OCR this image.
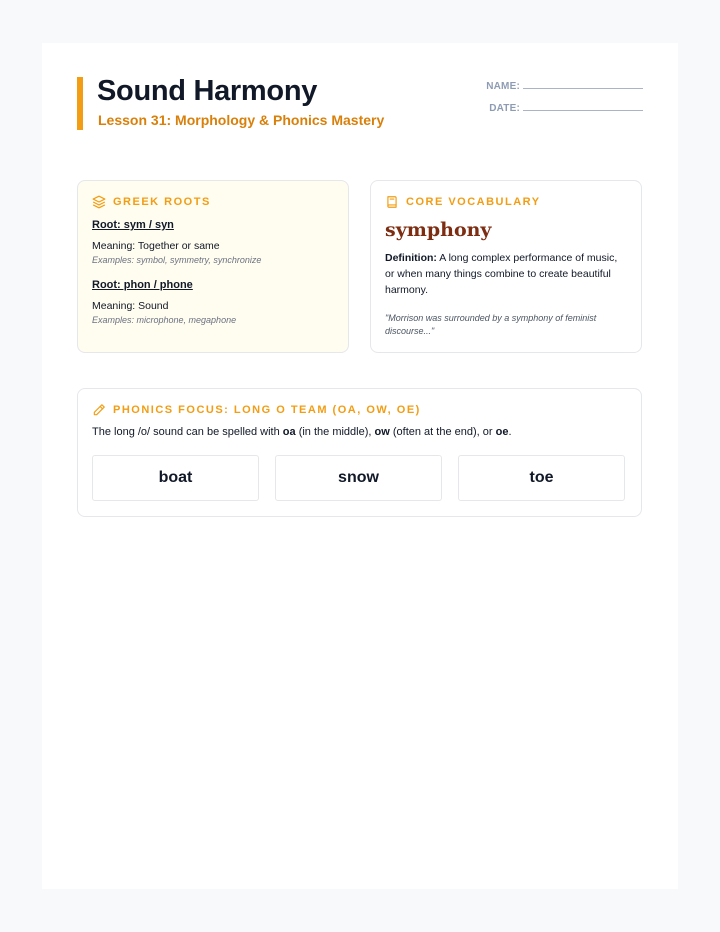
Sound Harmony
Lesson 31: Morphology & Phonics Mastery
NAME:
DATE:
GREEK ROOTS
Root: sym / syn
Meaning: Together or same
Examples: symbol, symmetry, synchronize
Root: phon / phone
Meaning: Sound
Examples: microphone, megaphone
CORE VOCABULARY
symphony
Definition: A long complex performance of music, or when many things combine to create beautiful harmony.
"Morrison was surrounded by a symphony of feminist discourse..."
PHONICS FOCUS: LONG O TEAM (OA, OW, OE)
The long /o/ sound can be spelled with oa (in the middle), ow (often at the end), or oe.
boat	snow	toe
